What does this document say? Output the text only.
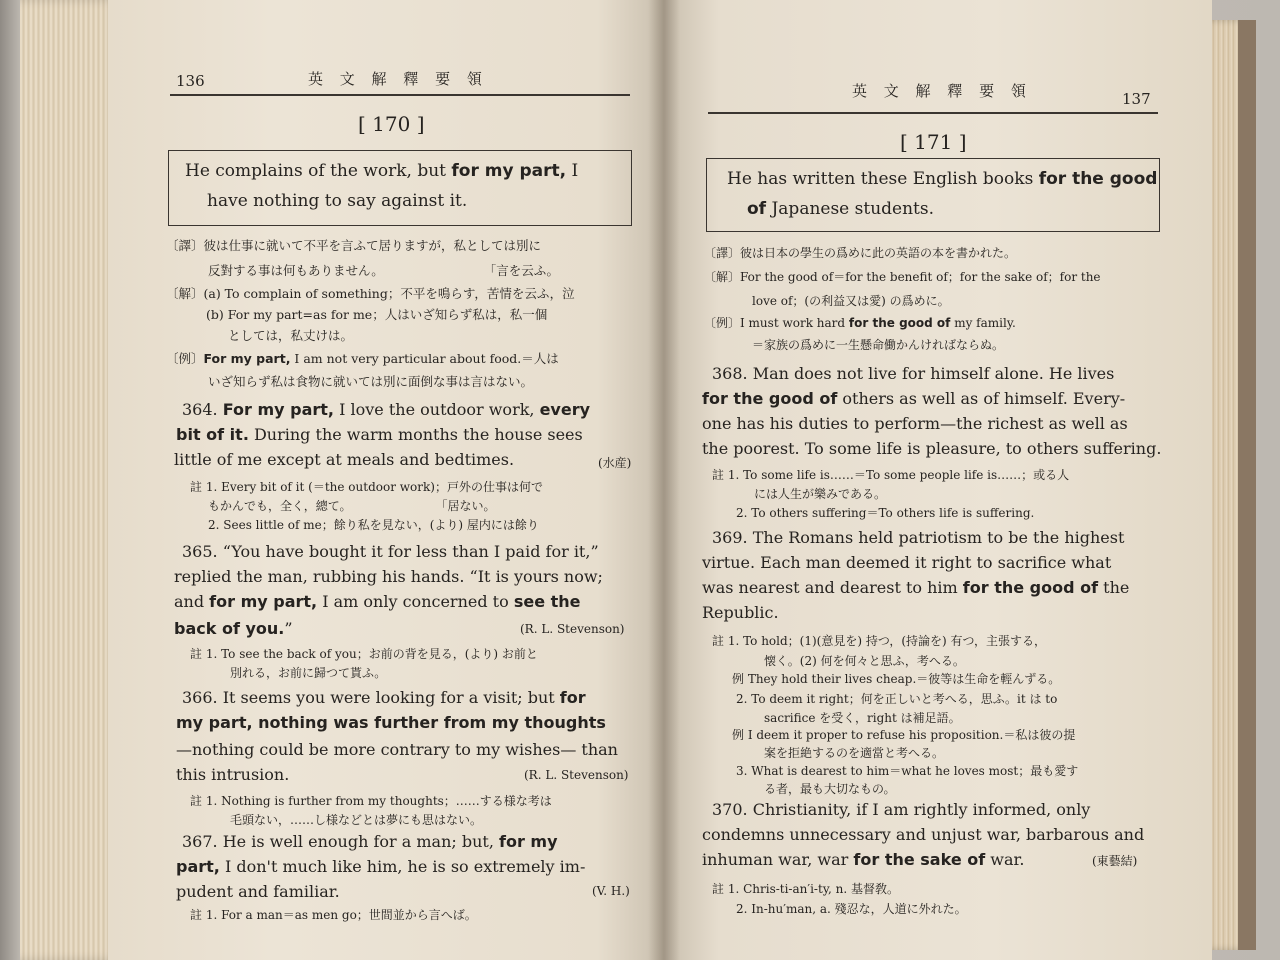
136	英 文 解 釋 要 領
[ 170 ]
He complains of the work, but for my part, I
have nothing to say against it.
〔譯〕彼は仕事に就いて不平を言ふて居りますが，私としては別に
反對する事は何もありません。　　　　　　　　　「言を云ふ。
〔解〕(a) To complain of something；不平を鳴らす，苦情を云ふ，泣
(b) For my part=as for me；人はいざ知らず私は，私一個
としては，私丈けは。
〔例〕For my part, I am not very particular about food.＝人は
いざ知らず私は食物に就いては別に面倒な事は言はない。
364. For my part, I love the outdoor work, every
bit of it. During the warm months the house sees
little of me except at meals and bedtimes.	(水産)
註 1. Every bit of it (＝the outdoor work)；戸外の仕事は何で
もかんでも，全く，總て。　　　　　　　　「居ない。
2. Sees little of me；餘り私を見ない，(より) 屋内には餘り
365. “You have bought it for less than I paid for it,”
replied the man, rubbing his hands. “It is yours now;
and for my part, I am only concerned to see the
back of you.”	(R. L. Stevenson)
註 1. To see the back of you；お前の背を見る，(より) お前と
別れる，お前に歸つて貰ふ。
366. It seems you were looking for a visit; but for
my part, nothing was further from my thoughts
—nothing could be more contrary to my wishes— than
this intrusion.	(R. L. Stevenson)
註 1. Nothing is further from my thoughts；……する様な考は
毛頭ない，……し様などとは夢にも思はない。
367. He is well enough for a man; but, for my
part, I don't much like him, he is so extremely im-
pudent and familiar.	(V. H.)
註 1. For a man＝as men go；世間並から言へば。
英 文 解 釋 要 領	137
[ 171 ]
He has written these English books for the good
of Japanese students.
〔譯〕彼は日本の學生の爲めに此の英語の本を書かれた。
〔解〕For the good of＝for the benefit of；for the sake of；for the
love of；(の利益又は愛) の爲めに。
〔例〕I must work hard for the good of my family.
＝家族の爲めに一生懸命働かんければならぬ。
368. Man does not live for himself alone. He lives
for the good of others as well as of himself. Every-
one has his duties to perform—the richest as well as
the poorest. To some life is pleasure, to others suffering.
註 1. To some life is……＝To some people life is……；或る人
には人生が樂みである。
2. To others suffering＝To others life is suffering.
369. The Romans held patriotism to be the highest
virtue. Each man deemed it right to sacrifice what
was nearest and dearest to him for the good of the
Republic.
註 1. To hold；(1)(意見を) 持つ，(持論を) 有つ，主張する，
懐く。(2) 何を何々と思ふ，考へる。
例 They hold their lives cheap.＝彼等は生命を輕んずる。
2. To deem it right；何を正しいと考へる，思ふ。it は to
sacrifice を受く，right は補足語。
例 I deem it proper to refuse his proposition.＝私は彼の提
案を拒絶するのを適當と考へる。
3. What is dearest to him＝what he loves most；最も愛す
る者，最も大切なもの。
370. Christianity, if I am rightly informed, only
condemns unnecessary and unjust war, barbarous and
inhuman war, war for the sake of war.	(東藝結)
註 1. Chris-ti-an′i-ty, n. 基督敎。
2. In-hu′man, a. 殘忍な，人道に外れた。
